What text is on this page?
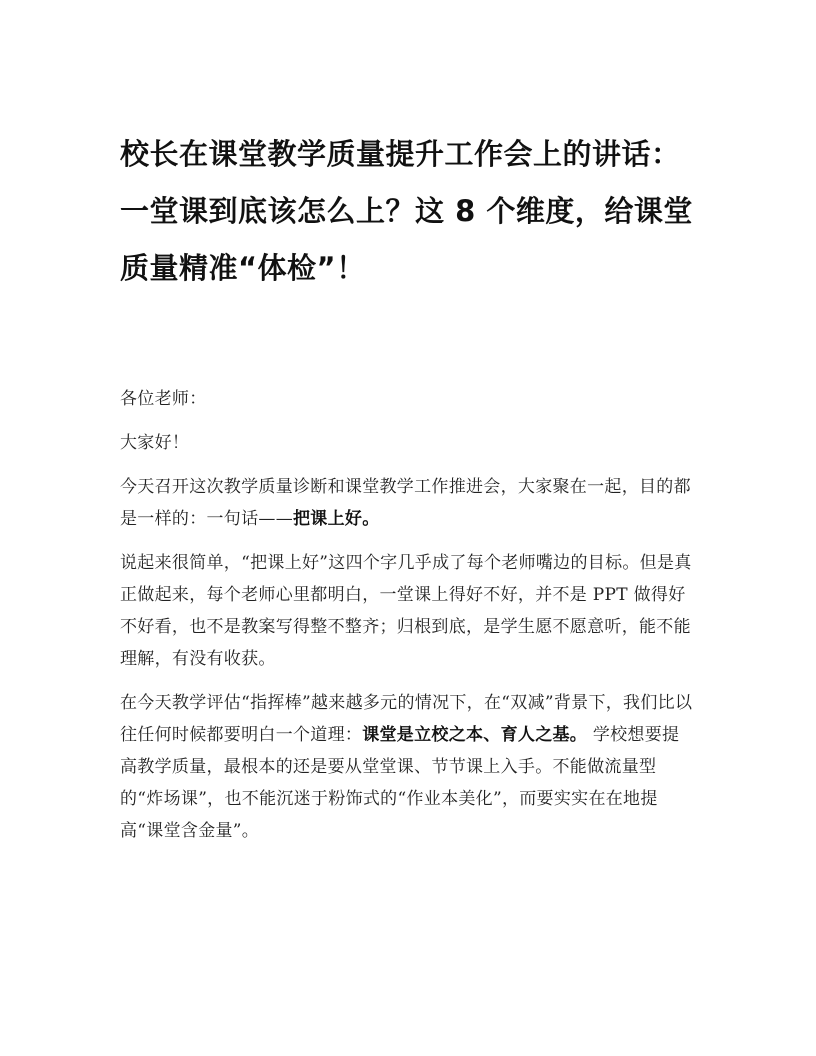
校长在课堂教学质量提升工作会上的讲话：一堂课到底该怎么上？这 8 个维度，给课堂质量精准“体检”！

各位老师：

大家好！

今天召开这次教学质量诊断和课堂教学工作推进会，大家聚在一起，目的都是一样的：一句话——把课上好。

说起来很简单，“把课上好”这四个字几乎成了每个老师嘴边的目标。但是真正做起来，每个老师心里都明白，一堂课上得好不好，并不是 PPT 做得好不好看，也不是教案写得整不整齐；归根到底，是学生愿不愿意听，能不能理解，有没有收获。

在今天教学评估“指挥棒”越来越多元的情况下，在“双减”背景下，我们比以往任何时候都要明白一个道理：课堂是立校之本、育人之基。 学校想要提高教学质量，最根本的还是要从堂堂课、节节课上入手。不能做流量型的“炸场课”，也不能沉迷于粉饰式的“作业本美化”，而要实实在在地提高“课堂含金量”。
